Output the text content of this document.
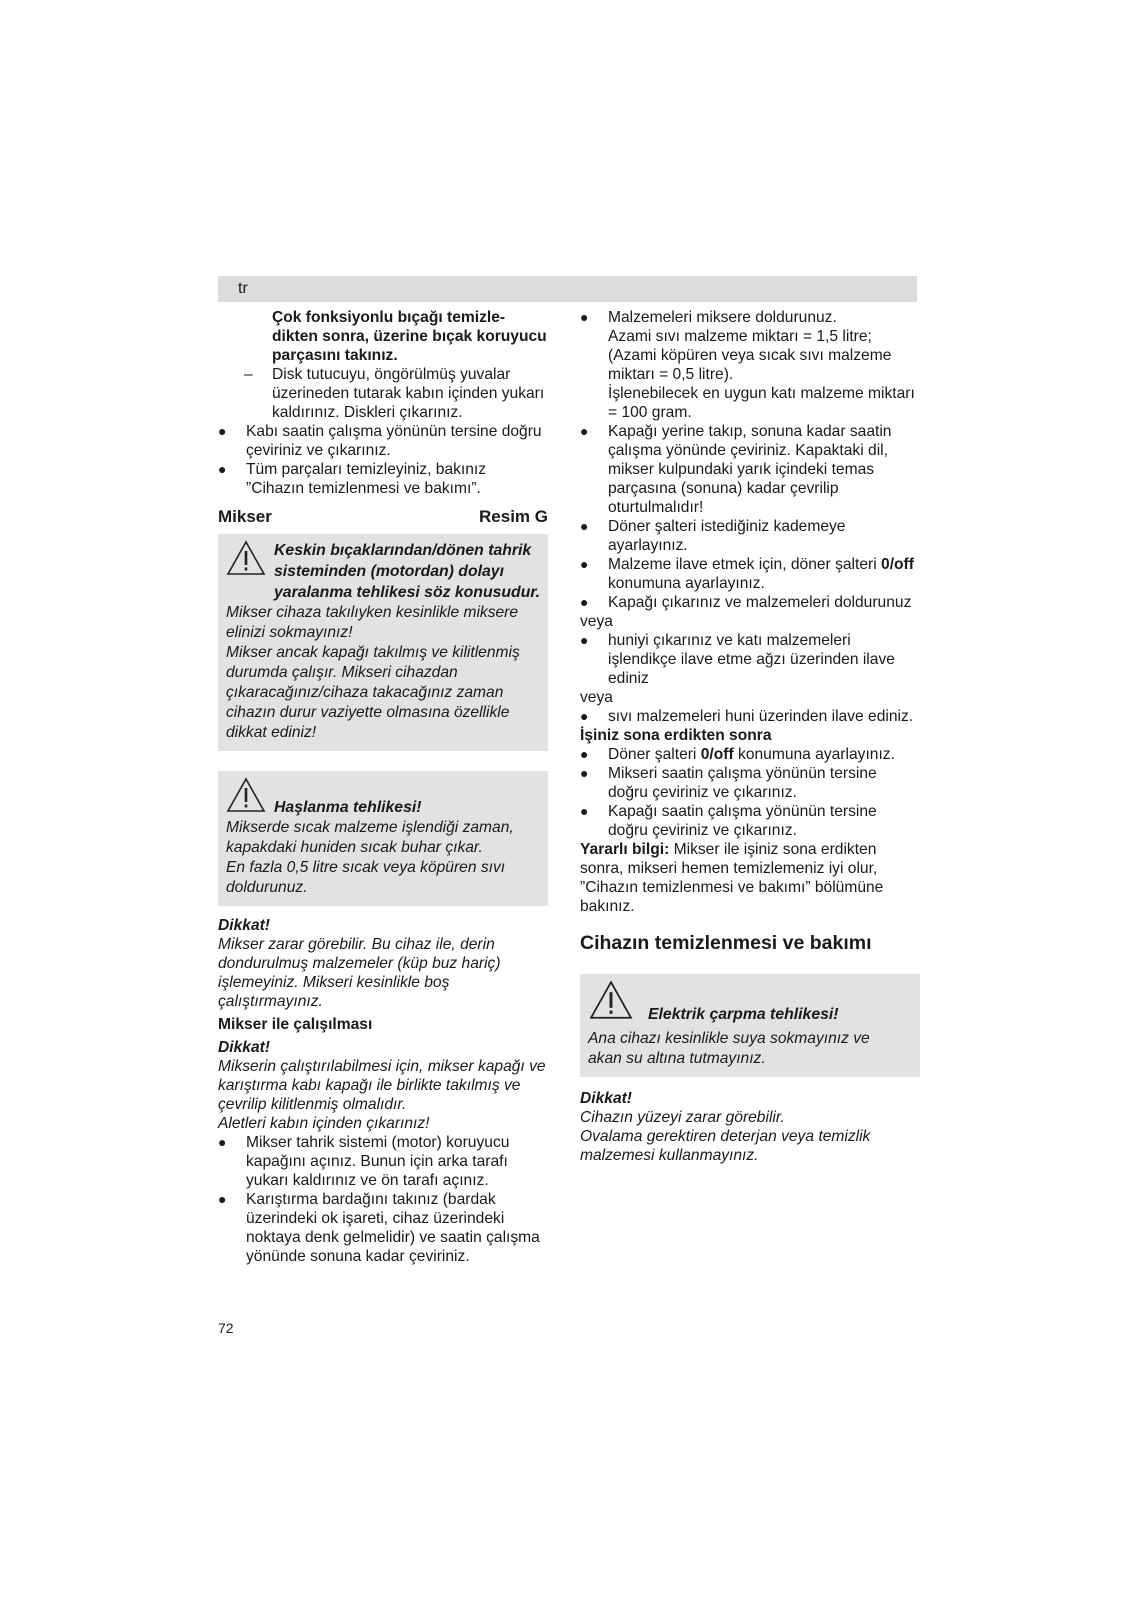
tr

Çok fonksiyonlu bıçağı temizle-dikten sonra, üzerine bıçak koruyucu parçasını takınız.

– Disk tutucuyu, öngörülmüş yuvalar üzerineden tutarak kabın içinden yukarı kaldırınız. Diskleri çıkarınız.
●	Kabı saatin çalışma yönünün tersine doğru çeviriniz ve çıkarınız.
●	Tüm parçaları temizleyiniz, bakınız ”Cihazın temizlenmesi ve bakımı”.
Mikser	Resim G
Keskin bıçaklarından/dönen tahrik sisteminden (motordan) dolayı yaralanma tehlikesi söz konusudur.

Mikser cihaza takılıyken kesinlikle miksere elinizi sokmayınız!

Mikser ancak kapağı takılmış ve kilitlenmiş durumda çalışır. Mikseri cihazdan çıkaracağınız/cihaza takacağınız zaman cihazın durur vaziyette olmasına özellikle dikkat ediniz!

Haşlanma tehlikesi!

Mikserde sıcak malzeme işlendiği zaman, kapakdaki huniden sıcak buhar çıkar.

En fazla 0,5 litre sıcak veya köpüren sıvı doldurunuz.

Dikkat!

Mikser zarar görebilir. Bu cihaz ile, derin dondurulmuş malzemeler (küp buz hariç) işlemeyiniz. Mikseri kesinlikle boş çalıştırmayınız.

Mikser ile çalışılması

Dikkat!

Mikserin çalıştırılabilmesi için, mikser kapağı ve karıştırma kabı kapağı ile birlikte takılmış ve çevrilip kilitlenmiş olmalıdır.

Aletleri kabın içinden çıkarınız!

●	Mikser tahrik sistemi (motor) koruyucu kapağını açınız. Bunun için arka tarafı yukarı kaldırınız ve ön tarafı açınız.
●	Karıştırma bardağını takınız (bardak üzerindeki ok işareti, cihaz üzerindeki noktaya denk gelmelidir) ve saatin çalışma yönünde sonuna kadar çeviriniz.
●	Malzemeleri miksere doldurunuz.

Azami sıvı malzeme miktarı = 1,5 litre; (Azami köpüren veya sıcak sıvı malzeme miktarı = 0,5 litre).

İşlenebilecek en uygun katı malzeme miktarı = 100 gram.

●	Kapağı yerine takıp, sonuna kadar saatin çalışma yönünde çeviriniz. Kapaktaki dil, mikser kulpundaki yarık içindeki temas parçasına (sonuna) kadar çevrilip oturtulmalıdır!
●	Döner şalteri istediğiniz kademeye ayarlayınız.
●	Malzeme ilave etmek için, döner şalteri 0/off konumuna ayarlayınız.
●	Kapağı çıkarınız ve malzemeleri doldurunuz

veya

●	huniyi çıkarınız ve katı malzemeleri işlendikçe ilave etme ağzı üzerinden ilave ediniz

veya

●	sıvı malzemeleri huni üzerinden ilave ediniz.

İşiniz sona erdikten sonra

●	Döner şalteri 0/off konumuna ayarlayınız.
●	Mikseri saatin çalışma yönünün tersine doğru çeviriniz ve çıkarınız.
●	Kapağı saatin çalışma yönünün tersine doğru çeviriniz ve çıkarınız.

Yararlı bilgi: Mikser ile işiniz sona erdikten sonra, mikseri hemen temizlemeniz iyi olur, ”Cihazın temizlenmesi ve bakımı” bölümüne bakınız.

Cihazın temizlenmesi ve bakımı

Elektrik çarpma tehlikesi!

Ana cihazı kesinlikle suya sokmayınız ve akan su altına tutmayınız.

Dikkat!

Cihazın yüzeyi zarar görebilir.

Ovalama gerektiren deterjan veya temizlik malzemesi kullanmayınız.

72
